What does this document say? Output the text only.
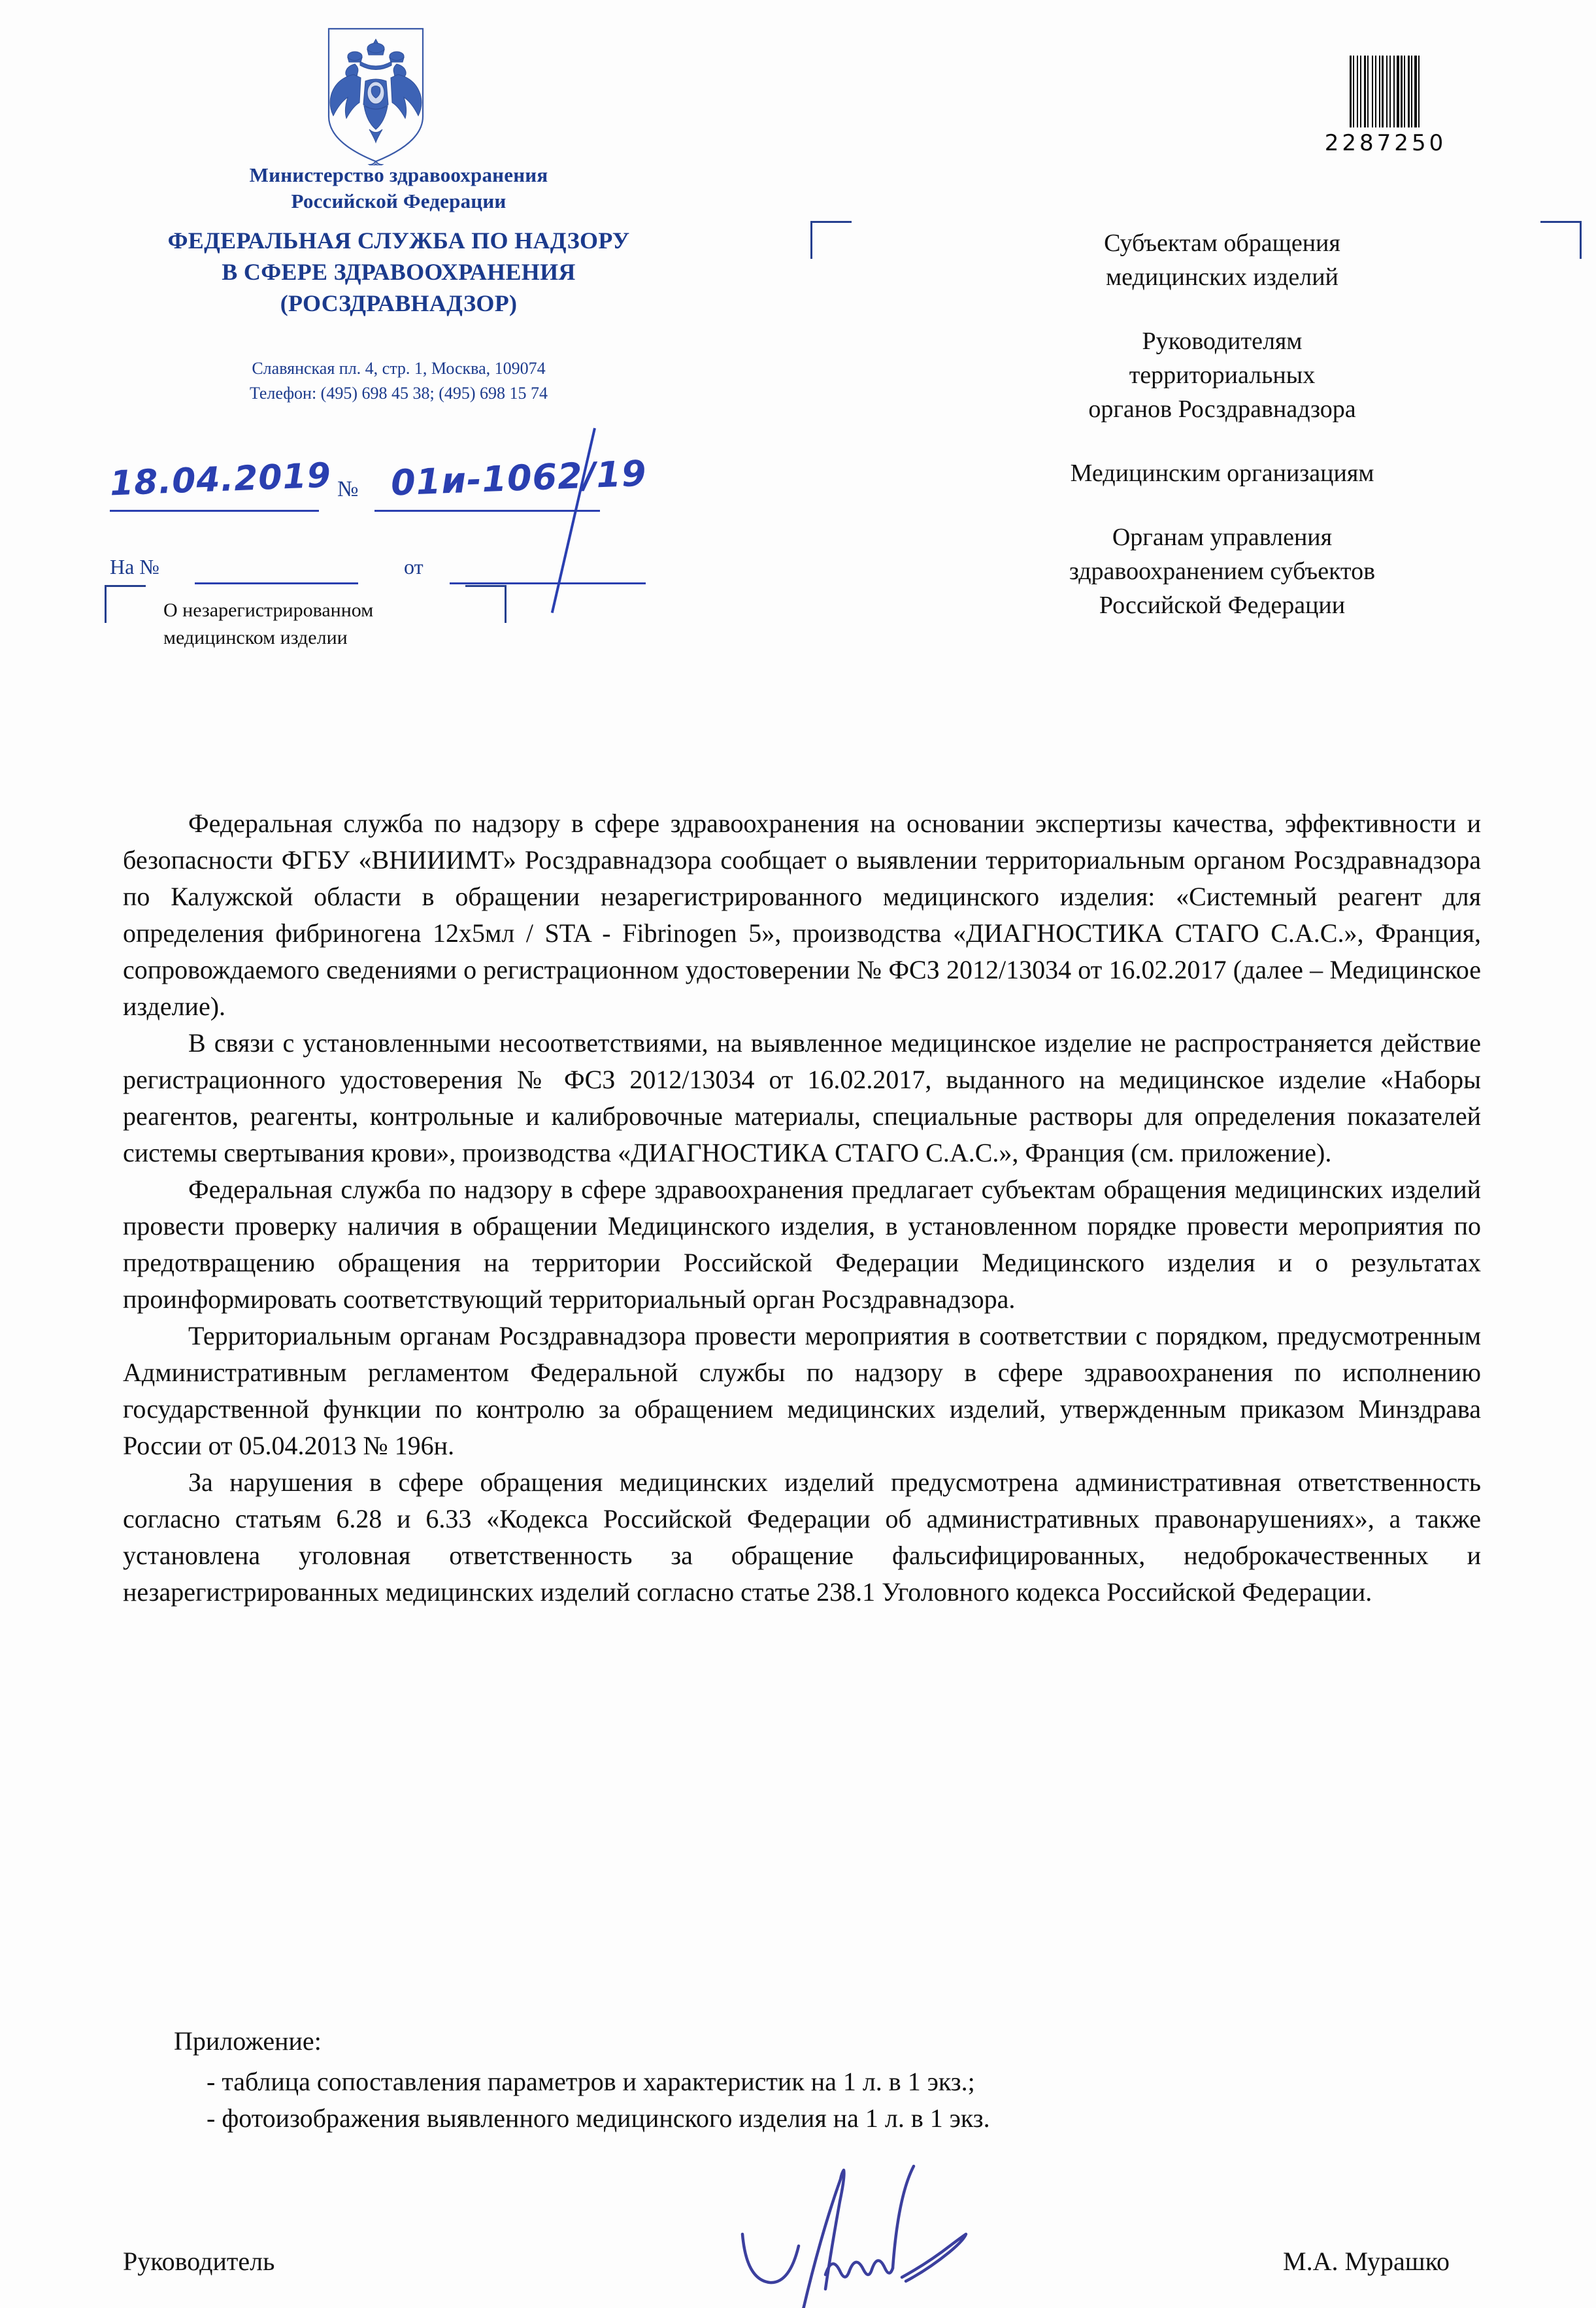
Министерство здравоохранения
Российской Федерации
ФЕДЕРАЛЬНАЯ СЛУЖБА ПО НАДЗОРУ
В СФЕРЕ ЗДРАВООХРАНЕНИЯ
(РОСЗДРАВНАДЗОР)
Славянская пл. 4, стр. 1, Москва, 109074
Телефон: (495) 698 45 38; (495) 698 15 74
18.04.2019 № 01и-1062/19
На №	от
О незарегистрированном
медицинском изделии
2287250
Субъектам обращения
медицинских изделий
Руководителям
территориальных
органов Росздравнадзора
Медицинским организациям
Органам управления
здравоохранением субъектов
Российской Федерации

Федеральная служба по надзору в сфере здравоохранения на основании экспертизы качества, эффективности и безопасности ФГБУ «ВНИИИМТ» Росздравнадзора сообщает о выявлении территориальным органом Росздравнадзора по Калужской области в обращении незарегистрированного медицинского изделия: «Системный реагент для определения фибриногена 12х5мл / STA - Fibrinogen 5», производства «ДИАГНОСТИКА СТАГО С.А.С.», Франция, сопровождаемого сведениями о регистрационном удостоверении № ФСЗ 2012/13034 от 16.02.2017 (далее – Медицинское изделие).

В связи с установленными несоответствиями, на выявленное медицинское изделие не распространяется действие регистрационного удостоверения № ФСЗ 2012/13034 от 16.02.2017, выданного на медицинское изделие «Наборы реагентов, реагенты, контрольные и калибровочные материалы, специальные растворы для определения показателей системы свертывания крови», производства «ДИАГНОСТИКА СТАГО С.А.С.», Франция (см. приложение).

Федеральная служба по надзору в сфере здравоохранения предлагает субъектам обращения медицинских изделий провести проверку наличия в обращении Медицинского изделия, в установленном порядке провести мероприятия по предотвращению обращения на территории Российской Федерации Медицинского изделия и о результатах проинформировать соответствующий территориальный орган Росздравнадзора.

Территориальным органам Росздравнадзора провести мероприятия в соответствии с порядком, предусмотренным Административным регламентом Федеральной службы по надзору в сфере здравоохранения по исполнению государственной функции по контролю за обращением медицинских изделий, утвержденным приказом Минздрава России от 05.04.2013 № 196н.

За нарушения в сфере обращения медицинских изделий предусмотрена административная ответственность согласно статьям 6.28 и 6.33 «Кодекса Российской Федерации об административных правонарушениях», а также установлена уголовная ответственность за обращение фальсифицированных, недоброкачественных и незарегистрированных медицинских изделий согласно статье 238.1 Уголовного кодекса Российской Федерации.

Приложение:
- таблица сопоставления параметров и характеристик на 1 л. в 1 экз.;
- фотоизображения выявленного медицинского изделия на 1 л. в 1 экз.
Руководитель	М.А. Мурашко
